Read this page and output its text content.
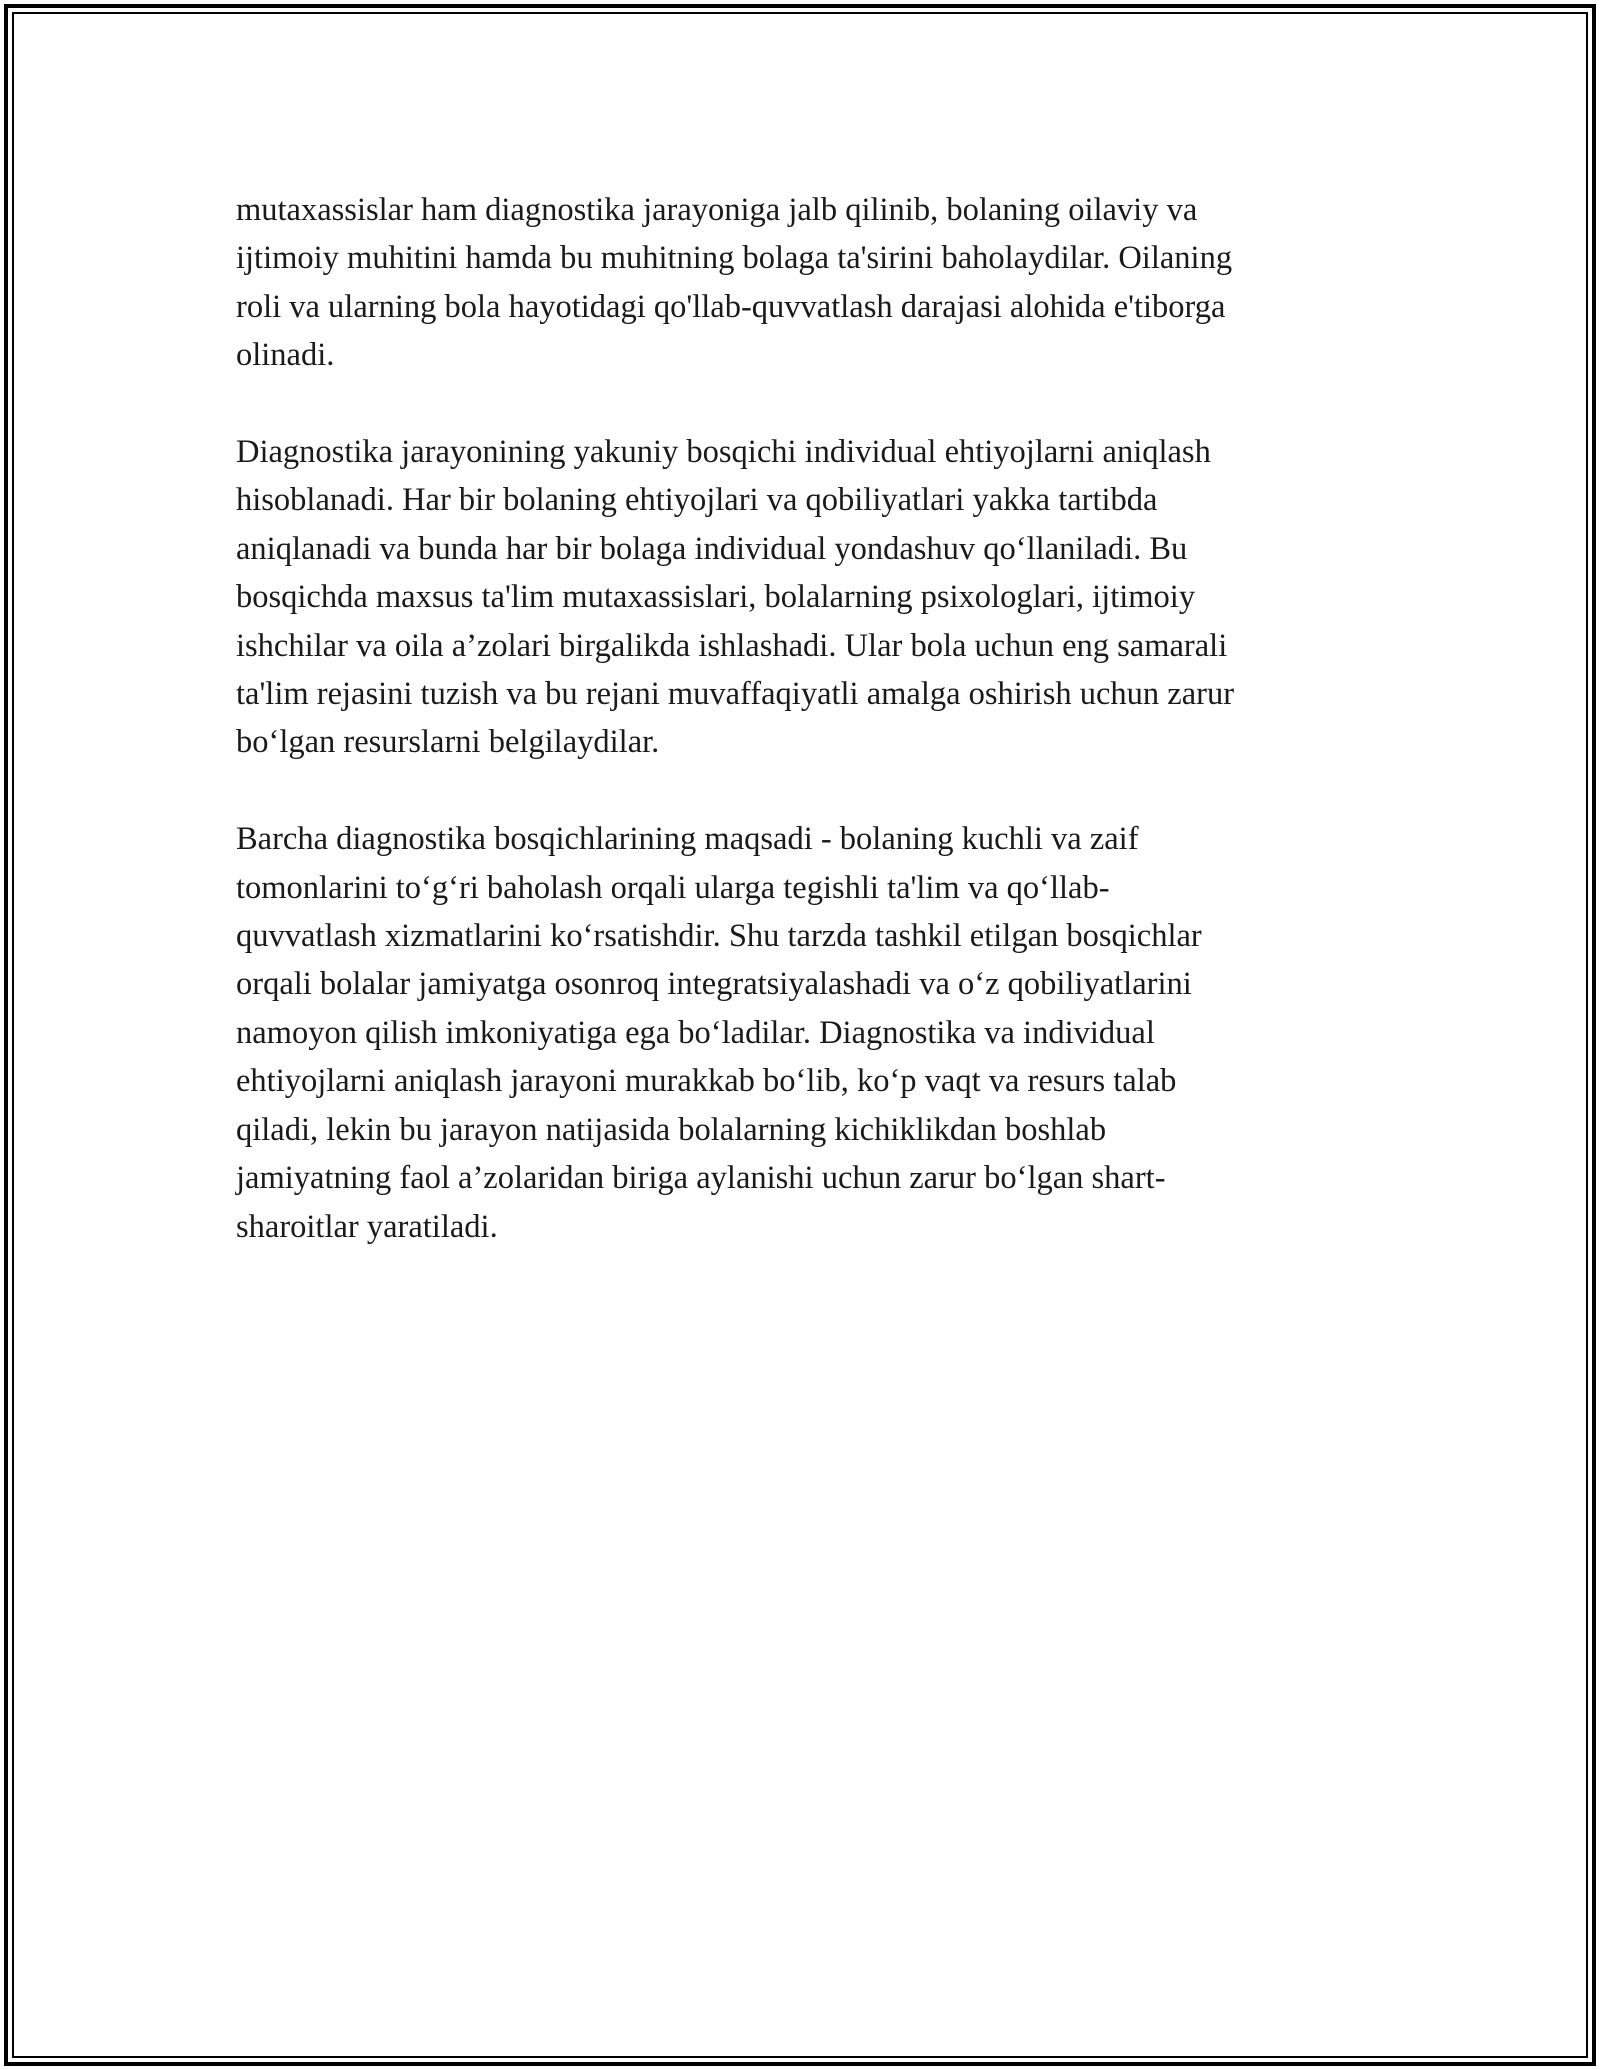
mutaxassislar ham diagnostika jarayoniga jalb qilinib, bolaning oilaviy va
ijtimoiy muhitini hamda bu muhitning bolaga ta'sirini baholaydilar. Oilaning
roli va ularning bola hayotidagi qo'llab-quvvatlash darajasi alohida e'tiborga
olinadi.

Diagnostika jarayonining yakuniy bosqichi individual ehtiyojlarni aniqlash
hisoblanadi. Har bir bolaning ehtiyojlari va qobiliyatlari yakka tartibda
aniqlanadi va bunda har bir bolaga individual yondashuv qo‘llaniladi. Bu
bosqichda maxsus ta'lim mutaxassislari, bolalarning psixologlari, ijtimoiy
ishchilar va oila a’zolari birgalikda ishlashadi. Ular bola uchun eng samarali
ta'lim rejasini tuzish va bu rejani muvaffaqiyatli amalga oshirish uchun zarur
bo‘lgan resurslarni belgilaydilar.

Barcha diagnostika bosqichlarining maqsadi - bolaning kuchli va zaif
tomonlarini to‘g‘ri baholash orqali ularga tegishli ta'lim va qo‘llab-
quvvatlash xizmatlarini ko‘rsatishdir. Shu tarzda tashkil etilgan bosqichlar
orqali bolalar jamiyatga osonroq integratsiyalashadi va o‘z qobiliyatlarini
namoyon qilish imkoniyatiga ega bo‘ladilar. Diagnostika va individual
ehtiyojlarni aniqlash jarayoni murakkab bo‘lib, ko‘p vaqt va resurs talab
qiladi, lekin bu jarayon natijasida bolalarning kichiklikdan boshlab
jamiyatning faol a’zolaridan biriga aylanishi uchun zarur bo‘lgan shart-
sharoitlar yaratiladi.
